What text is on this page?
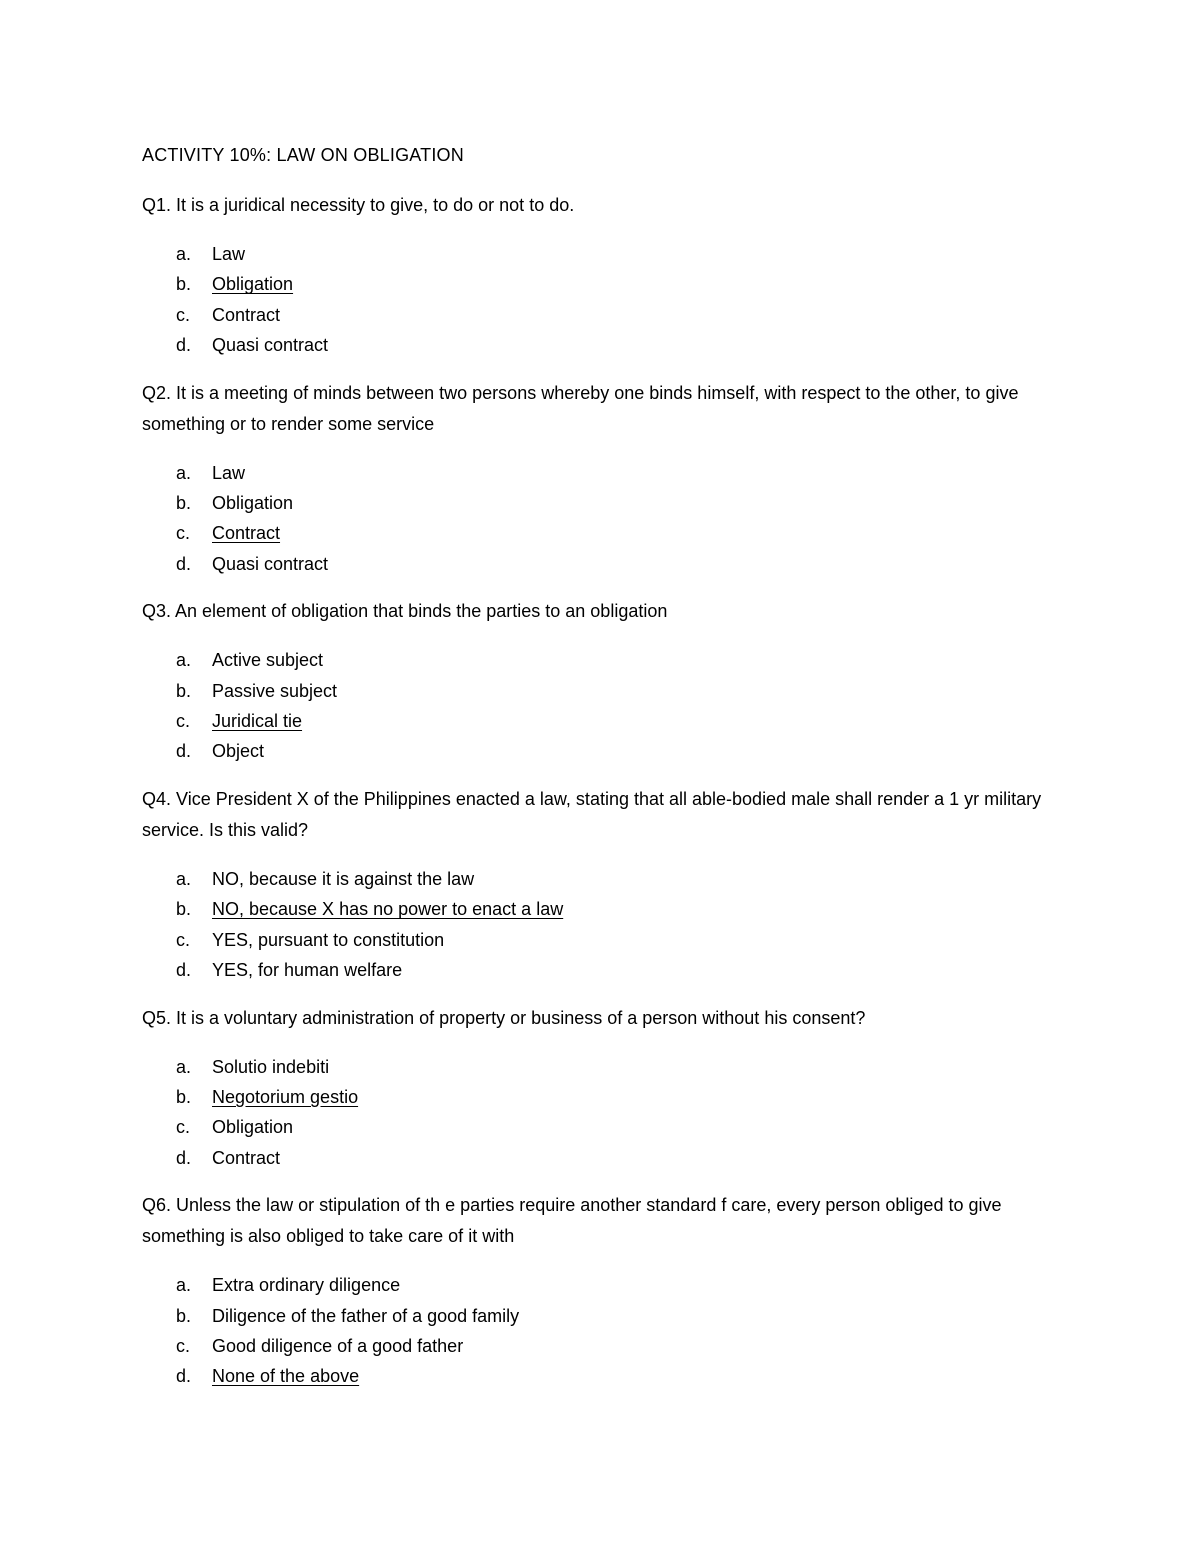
ACTIVITY 10%: LAW ON OBLIGATION

Q1. It is a juridical necessity to give, to do or not to do.

a. Law
b. Obligation
c. Contract
d. Quasi contract

Q2. It is a meeting of minds between two persons whereby one binds himself, with respect to the other, to give something or to render some service

a. Law
b. Obligation
c. Contract
d. Quasi contract

Q3. An element of obligation that binds the parties to an obligation

a. Active subject
b. Passive subject
c. Juridical tie
d. Object

Q4. Vice President X of the Philippines enacted a law, stating that all able-bodied male shall render a 1 yr military service. Is this valid?

a. NO, because it is against the law
b. NO, because X has no power to enact a law
c. YES, pursuant to constitution
d. YES, for human welfare

Q5. It is a voluntary administration of property or business of a person without his consent?

a. Solutio indebiti
b. Negotorium gestio
c. Obligation
d. Contract

Q6. Unless the law or stipulation of th e parties require another standard f care, every person obliged to give something is also obliged to take care of it with

a. Extra ordinary diligence
b. Diligence of the father of a good family
c. Good diligence of a good father
d. None of the above
